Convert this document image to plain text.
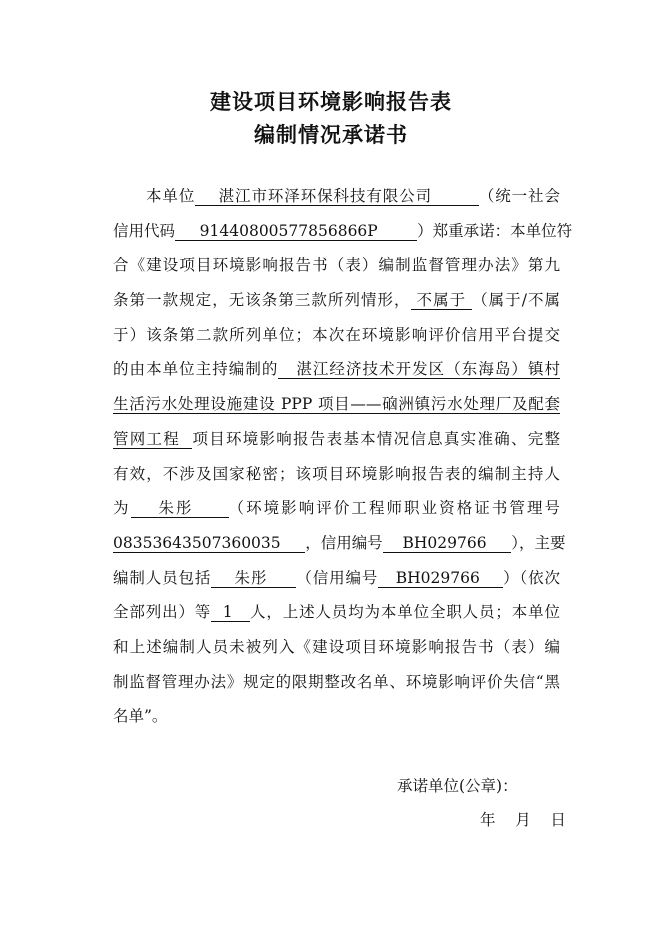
建设项目环境影响报告表
编制情况承诺书
本单位    湛江市环泽环保科技有限公司        （统一社会
信用代码     91440800577856866P        ）郑重承诺：本单位符
合《建设项目环境影响报告书（表）编制监督管理办法》第九
条第一款规定，无该条第三款所列情形， 不属于 （属于/不属
于）该条第二款所列单位；本次在环境影响评价信用平台提交
的由本单位主持编制的   湛江经济技术开发区（东海岛）镇村
生活污水处理设施建设 PPP 项目——硇洲镇污水处理厂及配套
管网工程  项目环境影响报告表基本情况信息真实准确、完整
有效，不涉及国家秘密；该项目环境影响报告表的编制主持人
为    朱彤     （环境影响评价工程师职业资格证书管理号
08353643507360035     ，信用编号    BH029766     ），主要
编制人员包括    朱彤     （信用编号   BH029766    ）（依次
全部列出）等  1   人，上述人员均为本单位全职人员；本单位
和上述编制人员未被列入《建设项目环境影响报告书（表）编
制监督管理办法》规定的限期整改名单、环境影响评价失信“黑
名单”。
承诺单位(公章)：
年    月    日
